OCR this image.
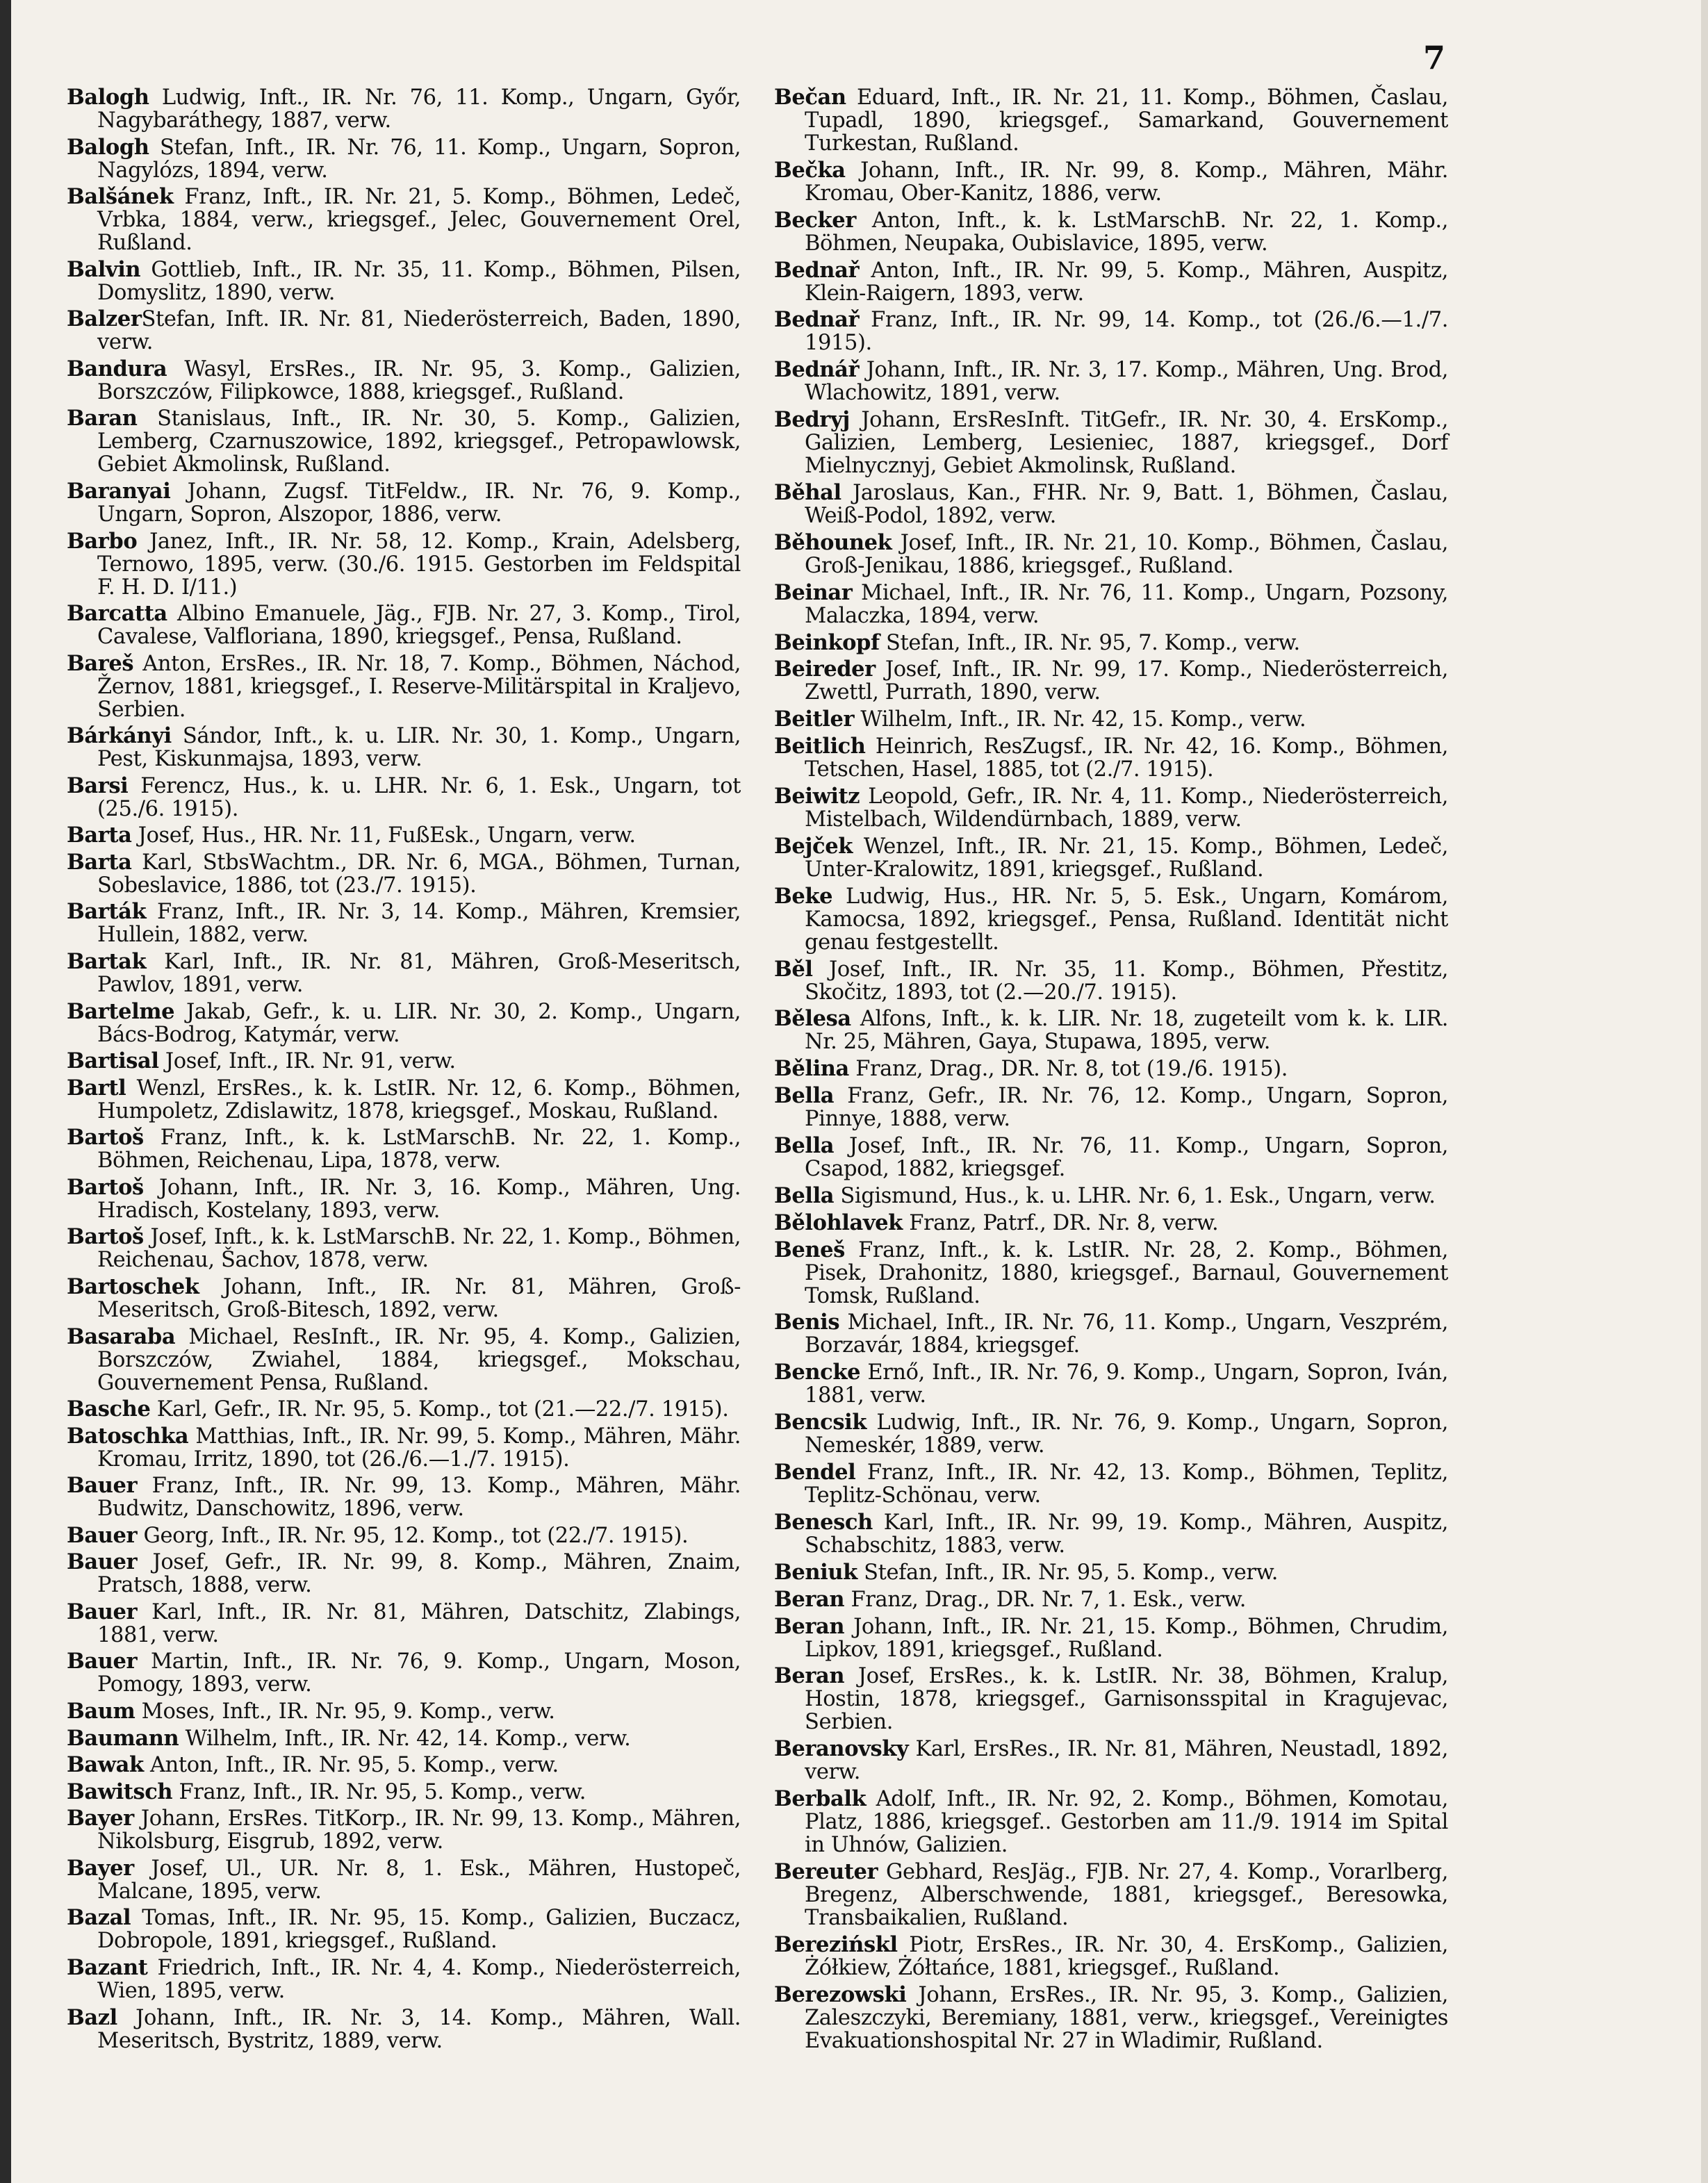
7

Balogh Ludwig, Inft., IR. Nr. 76, 11. Komp., Ungarn, Győr, Nagybaráthegy, 1887, verw.

Balogh Stefan, Inft., IR. Nr. 76, 11. Komp., Ungarn, Sopron, Nagylózs, 1894, verw.

Balšánek Franz, Inft., IR. Nr. 21, 5. Komp., Böhmen, Ledeč, Vrbka, 1884, verw., kriegsgef., Jelec, Gouvernement Orel, Rußland.

Balvin Gottlieb, Inft., IR. Nr. 35, 11. Komp., Böhmen, Pilsen, Domyslitz, 1890, verw.

BalzerStefan, Inft. IR. Nr. 81, Niederösterreich, Baden, 1890, verw.

Bandura Wasyl, ErsRes., IR. Nr. 95, 3. Komp., Galizien, Borszczów, Filipkowce, 1888, kriegsgef., Rußland.

Baran Stanislaus, Inft., IR. Nr. 30, 5. Komp., Galizien, Lemberg, Czarnuszowice, 1892, kriegsgef., Petropawlowsk, Gebiet Akmolinsk, Rußland.

Baranyai Johann, Zugsf. TitFeldw., IR. Nr. 76, 9. Komp., Ungarn, Sopron, Alszopor, 1886, verw.

Barbo Janez, Inft., IR. Nr. 58, 12. Komp., Krain, Adelsberg, Ternowo, 1895, verw. (30./6. 1915. Gestorben im Feldspital F. H. D. I/11.)

Barcatta Albino Emanuele, Jäg., FJB. Nr. 27, 3. Komp., Tirol, Cavalese, Valfloriana, 1890, kriegsgef., Pensa, Rußland.

Bareš Anton, ErsRes., IR. Nr. 18, 7. Komp., Böhmen, Náchod, Žernov, 1881, kriegsgef., I. Reserve-Militärspital in Kraljevo, Serbien.

Bárkányi Sándor, Inft., k. u. LIR. Nr. 30, 1. Komp., Ungarn, Pest, Kiskunmajsa, 1893, verw.

Barsi Ferencz, Hus., k. u. LHR. Nr. 6, 1. Esk., Ungarn, tot (25./6. 1915).

Barta Josef, Hus., HR. Nr. 11, FußEsk., Ungarn, verw.

Barta Karl, StbsWachtm., DR. Nr. 6, MGA., Böhmen, Turnan, Sobeslavice, 1886, tot (23./7. 1915).

Barták Franz, Inft., IR. Nr. 3, 14. Komp., Mähren, Kremsier, Hullein, 1882, verw.

Bartak Karl, Inft., IR. Nr. 81, Mähren, Groß-Meseritsch, Pawlov, 1891, verw.

Bartelme Jakab, Gefr., k. u. LIR. Nr. 30, 2. Komp., Ungarn, Bács-Bodrog, Katymár, verw.

Bartisal Josef, Inft., IR. Nr. 91, verw.

Bartl Wenzl, ErsRes., k. k. LstIR. Nr. 12, 6. Komp., Böhmen, Humpoletz, Zdislawitz, 1878, kriegsgef., Moskau, Rußland.

Bartoš Franz, Inft., k. k. LstMarschB. Nr. 22, 1. Komp., Böhmen, Reichenau, Lipa, 1878, verw.

Bartoš Johann, Inft., IR. Nr. 3, 16. Komp., Mähren, Ung. Hradisch, Kostelany, 1893, verw.

Bartoš Josef, Inft., k. k. LstMarschB. Nr. 22, 1. Komp., Böhmen, Reichenau, Šachov, 1878, verw.

Bartoschek Johann, Inft., IR. Nr. 81, Mähren, Groß-Meseritsch, Groß-Bitesch, 1892, verw.

Basaraba Michael, ResInft., IR. Nr. 95, 4. Komp., Galizien, Borszczów, Zwiahel, 1884, kriegsgef., Mokschau, Gouvernement Pensa, Rußland.

Basche Karl, Gefr., IR. Nr. 95, 5. Komp., tot (21.—22./7. 1915).

Batoschka Matthias, Inft., IR. Nr. 99, 5. Komp., Mähren, Mähr. Kromau, Irritz, 1890, tot (26./6.—1./7. 1915).

Bauer Franz, Inft., IR. Nr. 99, 13. Komp., Mähren, Mähr. Budwitz, Danschowitz, 1896, verw.

Bauer Georg, Inft., IR. Nr. 95, 12. Komp., tot (22./7. 1915).

Bauer Josef, Gefr., IR. Nr. 99, 8. Komp., Mähren, Znaim, Pratsch, 1888, verw.

Bauer Karl, Inft., IR. Nr. 81, Mähren, Datschitz, Zlabings, 1881, verw.

Bauer Martin, Inft., IR. Nr. 76, 9. Komp., Ungarn, Moson, Pomogy, 1893, verw.

Baum Moses, Inft., IR. Nr. 95, 9. Komp., verw.

Baumann Wilhelm, Inft., IR. Nr. 42, 14. Komp., verw.

Bawak Anton, Inft., IR. Nr. 95, 5. Komp., verw.

Bawitsch Franz, Inft., IR. Nr. 95, 5. Komp., verw.

Bayer Johann, ErsRes. TitKorp., IR. Nr. 99, 13. Komp., Mähren, Nikolsburg, Eisgrub, 1892, verw.

Bayer Josef, Ul., UR. Nr. 8, 1. Esk., Mähren, Hustopeč, Malcane, 1895, verw.

Bazal Tomas, Inft., IR. Nr. 95, 15. Komp., Galizien, Buczacz, Dobropole, 1891, kriegsgef., Rußland.

Bazant Friedrich, Inft., IR. Nr. 4, 4. Komp., Niederösterreich, Wien, 1895, verw.

Bazl Johann, Inft., IR. Nr. 3, 14. Komp., Mähren, Wall. Meseritsch, Bystritz, 1889, verw.

Bečan Eduard, Inft., IR. Nr. 21, 11. Komp., Böhmen, Časlau, Tupadl, 1890, kriegsgef., Samarkand, Gouvernement Turkestan, Rußland.

Bečka Johann, Inft., IR. Nr. 99, 8. Komp., Mähren, Mähr. Kromau, Ober-Kanitz, 1886, verw.

Becker Anton, Inft., k. k. LstMarschB. Nr. 22, 1. Komp., Böhmen, Neupaka, Oubislavice, 1895, verw.

Bednař Anton, Inft., IR. Nr. 99, 5. Komp., Mähren, Auspitz, Klein-Raigern, 1893, verw.

Bednař Franz, Inft., IR. Nr. 99, 14. Komp., tot (26./6.—1./7. 1915).

Bednář Johann, Inft., IR. Nr. 3, 17. Komp., Mähren, Ung. Brod, Wlachowitz, 1891, verw.

Bedryj Johann, ErsResInft. TitGefr., IR. Nr. 30, 4. ErsKomp., Galizien, Lemberg, Lesieniec, 1887, kriegsgef., Dorf Mielnycznyj, Gebiet Akmolinsk, Rußland.

Běhal Jaroslaus, Kan., FHR. Nr. 9, Batt. 1, Böhmen, Časlau, Weiß-Podol, 1892, verw.

Běhounek Josef, Inft., IR. Nr. 21, 10. Komp., Böhmen, Časlau, Groß-Jenikau, 1886, kriegsgef., Rußland.

Beinar Michael, Inft., IR. Nr. 76, 11. Komp., Ungarn, Pozsony, Malaczka, 1894, verw.

Beinkopf Stefan, Inft., IR. Nr. 95, 7. Komp., verw.

Beireder Josef, Inft., IR. Nr. 99, 17. Komp., Niederösterreich, Zwettl, Purrath, 1890, verw.

Beitler Wilhelm, Inft., IR. Nr. 42, 15. Komp., verw.

Beitlich Heinrich, ResZugsf., IR. Nr. 42, 16. Komp., Böhmen, Tetschen, Hasel, 1885, tot (2./7. 1915).

Beiwitz Leopold, Gefr., IR. Nr. 4, 11. Komp., Niederösterreich, Mistelbach, Wildendürnbach, 1889, verw.

Bejček Wenzel, Inft., IR. Nr. 21, 15. Komp., Böhmen, Ledeč, Unter-Kralowitz, 1891, kriegsgef., Rußland.

Beke Ludwig, Hus., HR. Nr. 5, 5. Esk., Ungarn, Komárom, Kamocsa, 1892, kriegsgef., Pensa, Rußland. Identität nicht genau festgestellt.

Běl Josef, Inft., IR. Nr. 35, 11. Komp., Böhmen, Přestitz, Skočitz, 1893, tot (2.—20./7. 1915).

Bělesa Alfons, Inft., k. k. LIR. Nr. 18, zugeteilt vom k. k. LIR. Nr. 25, Mähren, Gaya, Stupawa, 1895, verw.

Bělina Franz, Drag., DR. Nr. 8, tot (19./6. 1915).

Bella Franz, Gefr., IR. Nr. 76, 12. Komp., Ungarn, Sopron, Pinnye, 1888, verw.

Bella Josef, Inft., IR. Nr. 76, 11. Komp., Ungarn, Sopron, Csapod, 1882, kriegsgef.

Bella Sigismund, Hus., k. u. LHR. Nr. 6, 1. Esk., Ungarn, verw.

Bělohlavek Franz, Patrf., DR. Nr. 8, verw.

Beneš Franz, Inft., k. k. LstIR. Nr. 28, 2. Komp., Böhmen, Pisek, Drahonitz, 1880, kriegsgef., Barnaul, Gouvernement Tomsk, Rußland.

Benis Michael, Inft., IR. Nr. 76, 11. Komp., Ungarn, Veszprém, Borzavár, 1884, kriegsgef.

Bencke Ernő, Inft., IR. Nr. 76, 9. Komp., Ungarn, Sopron, Iván, 1881, verw.

Bencsik Ludwig, Inft., IR. Nr. 76, 9. Komp., Ungarn, Sopron, Nemeskér, 1889, verw.

Bendel Franz, Inft., IR. Nr. 42, 13. Komp., Böhmen, Teplitz, Teplitz-Schönau, verw.

Benesch Karl, Inft., IR. Nr. 99, 19. Komp., Mähren, Auspitz, Schabschitz, 1883, verw.

Beniuk Stefan, Inft., IR. Nr. 95, 5. Komp., verw.

Beran Franz, Drag., DR. Nr. 7, 1. Esk., verw.

Beran Johann, Inft., IR. Nr. 21, 15. Komp., Böhmen, Chrudim, Lipkov, 1891, kriegsgef., Rußland.

Beran Josef, ErsRes., k. k. LstIR. Nr. 38, Böhmen, Kralup, Hostin, 1878, kriegsgef., Garnisonsspital in Kragujevac, Serbien.

Beranovsky Karl, ErsRes., IR. Nr. 81, Mähren, Neustadl, 1892, verw.

Berbalk Adolf, Inft., IR. Nr. 92, 2. Komp., Böhmen, Komotau, Platz, 1886, kriegsgef.. Gestorben am 11./9. 1914 im Spital in Uhnów, Galizien.

Bereuter Gebhard, ResJäg., FJB. Nr. 27, 4. Komp., Vorarlberg, Bregenz, Alberschwende, 1881, kriegsgef., Beresowka, Transbaikalien, Rußland.

Berezińskl Piotr, ErsRes., IR. Nr. 30, 4. ErsKomp., Galizien, Żółkiew, Żółtańce, 1881, kriegsgef., Rußland.

Berezowski Johann, ErsRes., IR. Nr. 95, 3. Komp., Galizien, Zaleszczyki, Beremiany, 1881, verw., kriegsgef., Vereinigtes Evakuationshospital Nr. 27 in Wladimir, Rußland.
